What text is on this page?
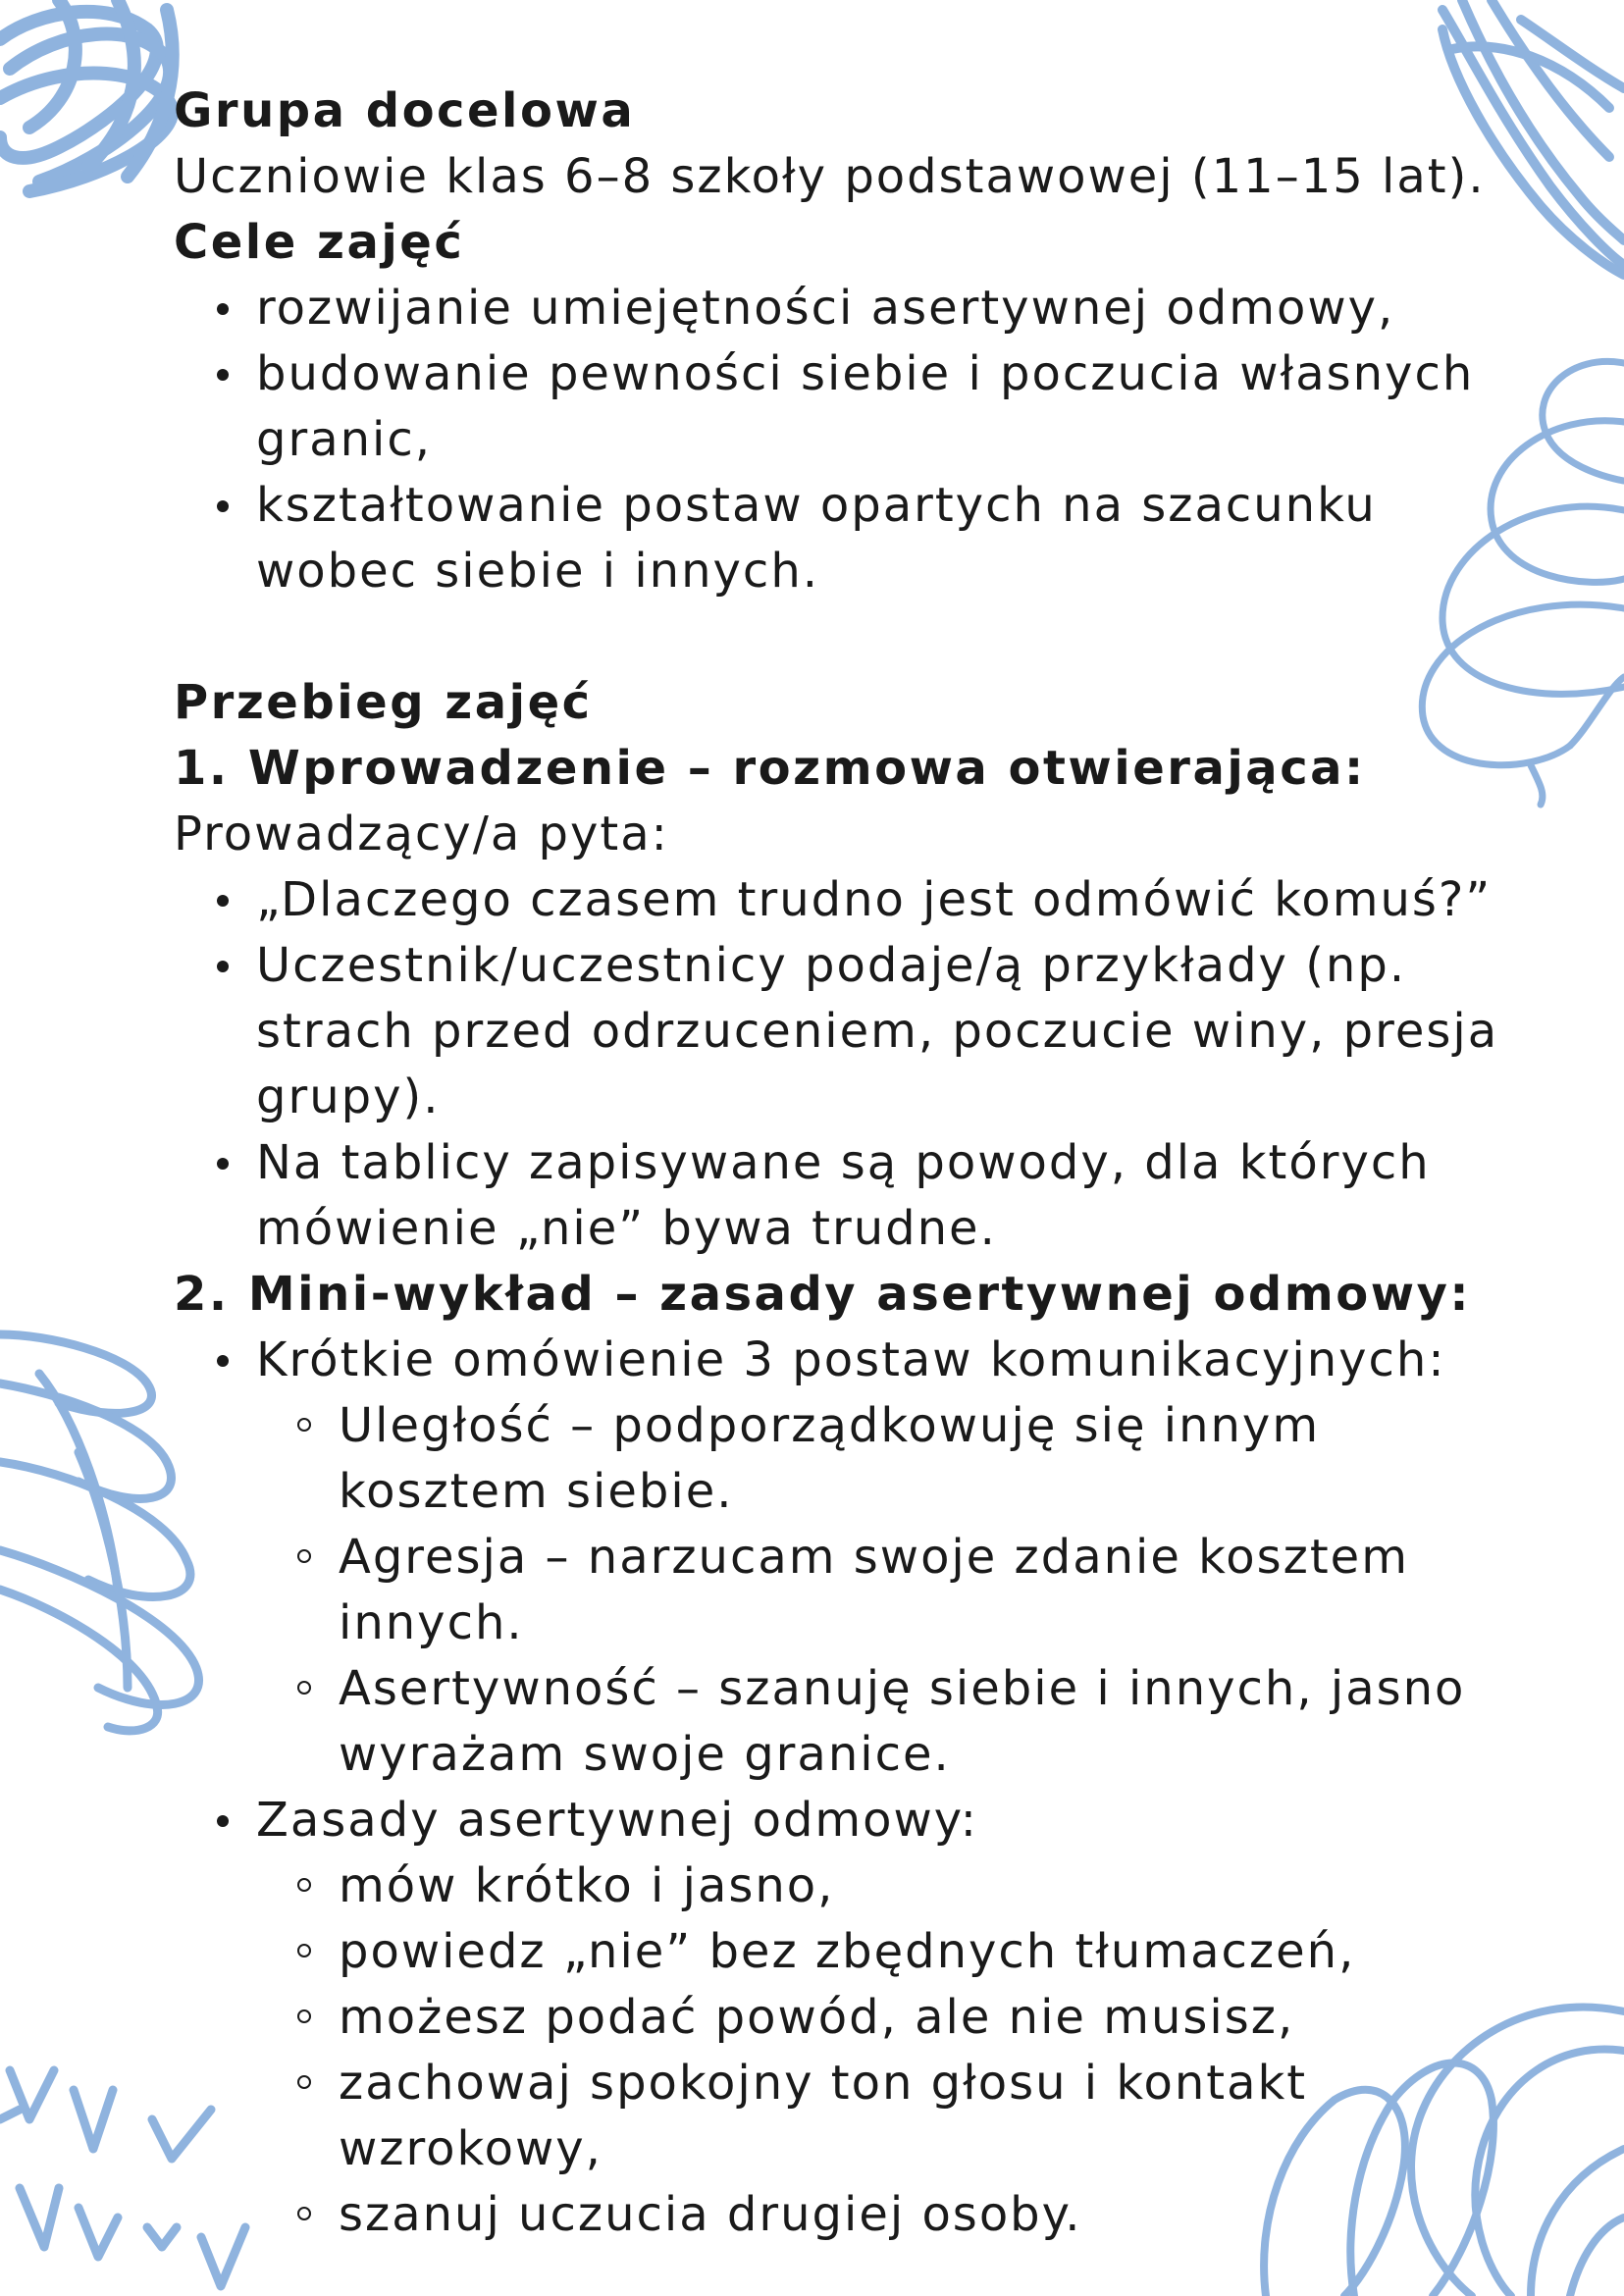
Grupa docelowa

Uczniowie klas 6–8 szkoły podstawowej (11–15 lat).

Cele zajęć

rozwijanie umiejętności asertywnej odmowy,
budowanie pewności siebie i poczucia własnych granic,
kształtowanie postaw opartych na szacunku wobec siebie i innych.

Przebieg zajęć

1. Wprowadzenie – rozmowa otwierająca:

Prowadzący/a pyta:

„Dlaczego czasem trudno jest odmówić komuś?”
Uczestnik/uczestnicy podaje/ą przykłady (np. strach przed odrzuceniem, poczucie winy, presja grupy).
Na tablicy zapisywane są powody, dla których mówienie „nie” bywa trudne.

2. Mini-wykład – zasady asertywnej odmowy:

Krótkie omówienie 3 postaw komunikacyjnych:
Uległość – podporządkowuję się innym kosztem siebie.
Agresja – narzucam swoje zdanie kosztem innych.
Asertywność – szanuję siebie i innych, jasno wyrażam swoje granice.
Zasady asertywnej odmowy:
mów krótko i jasno,
powiedz „nie” bez zbędnych tłumaczeń,
możesz podać powód, ale nie musisz,
zachowaj spokojny ton głosu i kontakt wzrokowy,
szanuj uczucia drugiej osoby.
